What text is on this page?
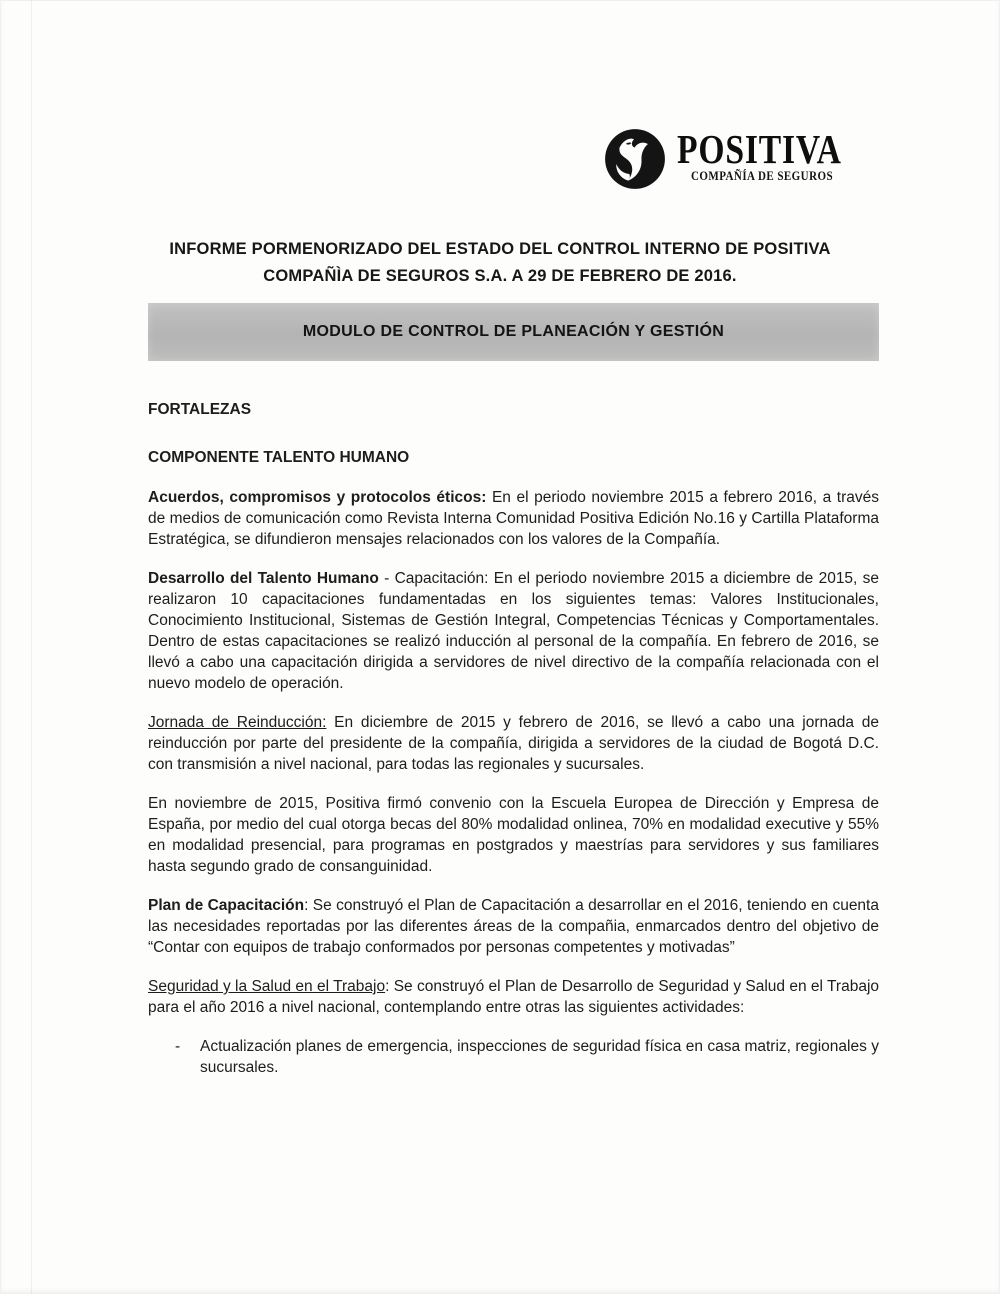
POSITIVA
COMPAÑÍA DE SEGUROS
INFORME PORMENORIZADO DEL ESTADO DEL CONTROL INTERNO DE POSITIVA
COMPAÑÌA DE SEGUROS S.A. A 29 DE FEBRERO DE 2016.
MODULO DE CONTROL DE PLANEACIÓN Y GESTIÓN
FORTALEZAS
COMPONENTE TALENTO HUMANO

Acuerdos, compromisos y protocolos éticos: En el periodo noviembre 2015 a febrero 2016, a través de medios de comunicación como Revista Interna Comunidad Positiva Edición No.16 y Cartilla Plataforma Estratégica, se difundieron mensajes relacionados con los valores de la Compañía.

Desarrollo del Talento Humano - Capacitación: En el periodo noviembre 2015 a diciembre de 2015, se realizaron 10 capacitaciones fundamentadas en los siguientes temas: Valores Institucionales, Conocimiento Institucional, Sistemas de Gestión Integral, Competencias Técnicas y Comportamentales. Dentro de estas capacitaciones se realizó inducción al personal de la compañía. En febrero de 2016, se llevó a cabo una capacitación dirigida a servidores de nivel directivo de la compañía relacionada con el nuevo modelo de operación.

Jornada de Reinducción: En diciembre de 2015 y febrero de 2016, se llevó a cabo una jornada de reinducción por parte del presidente de la compañía, dirigida a servidores de la ciudad de Bogotá D.C. con transmisión a nivel nacional, para todas las regionales y sucursales.

En noviembre de 2015, Positiva firmó convenio con la Escuela Europea de Dirección y Empresa de España, por medio del cual otorga becas del 80% modalidad onlinea, 70% en modalidad executive y 55% en modalidad presencial, para programas en postgrados y maestrías para servidores y sus familiares hasta segundo grado de consanguinidad.

Plan de Capacitación: Se construyó el Plan de Capacitación a desarrollar en el 2016, teniendo en cuenta las necesidades reportadas por las diferentes áreas de la compañia, enmarcados dentro del objetivo de “Contar con equipos de trabajo conformados por personas competentes y motivadas”

Seguridad y la Salud en el Trabajo: Se construyó el Plan de Desarrollo de Seguridad y Salud en el Trabajo para el año 2016 a nivel nacional, contemplando entre otras las siguientes actividades:

-	Actualización planes de emergencia, inspecciones de seguridad física en casa matriz, regionales y sucursales.
